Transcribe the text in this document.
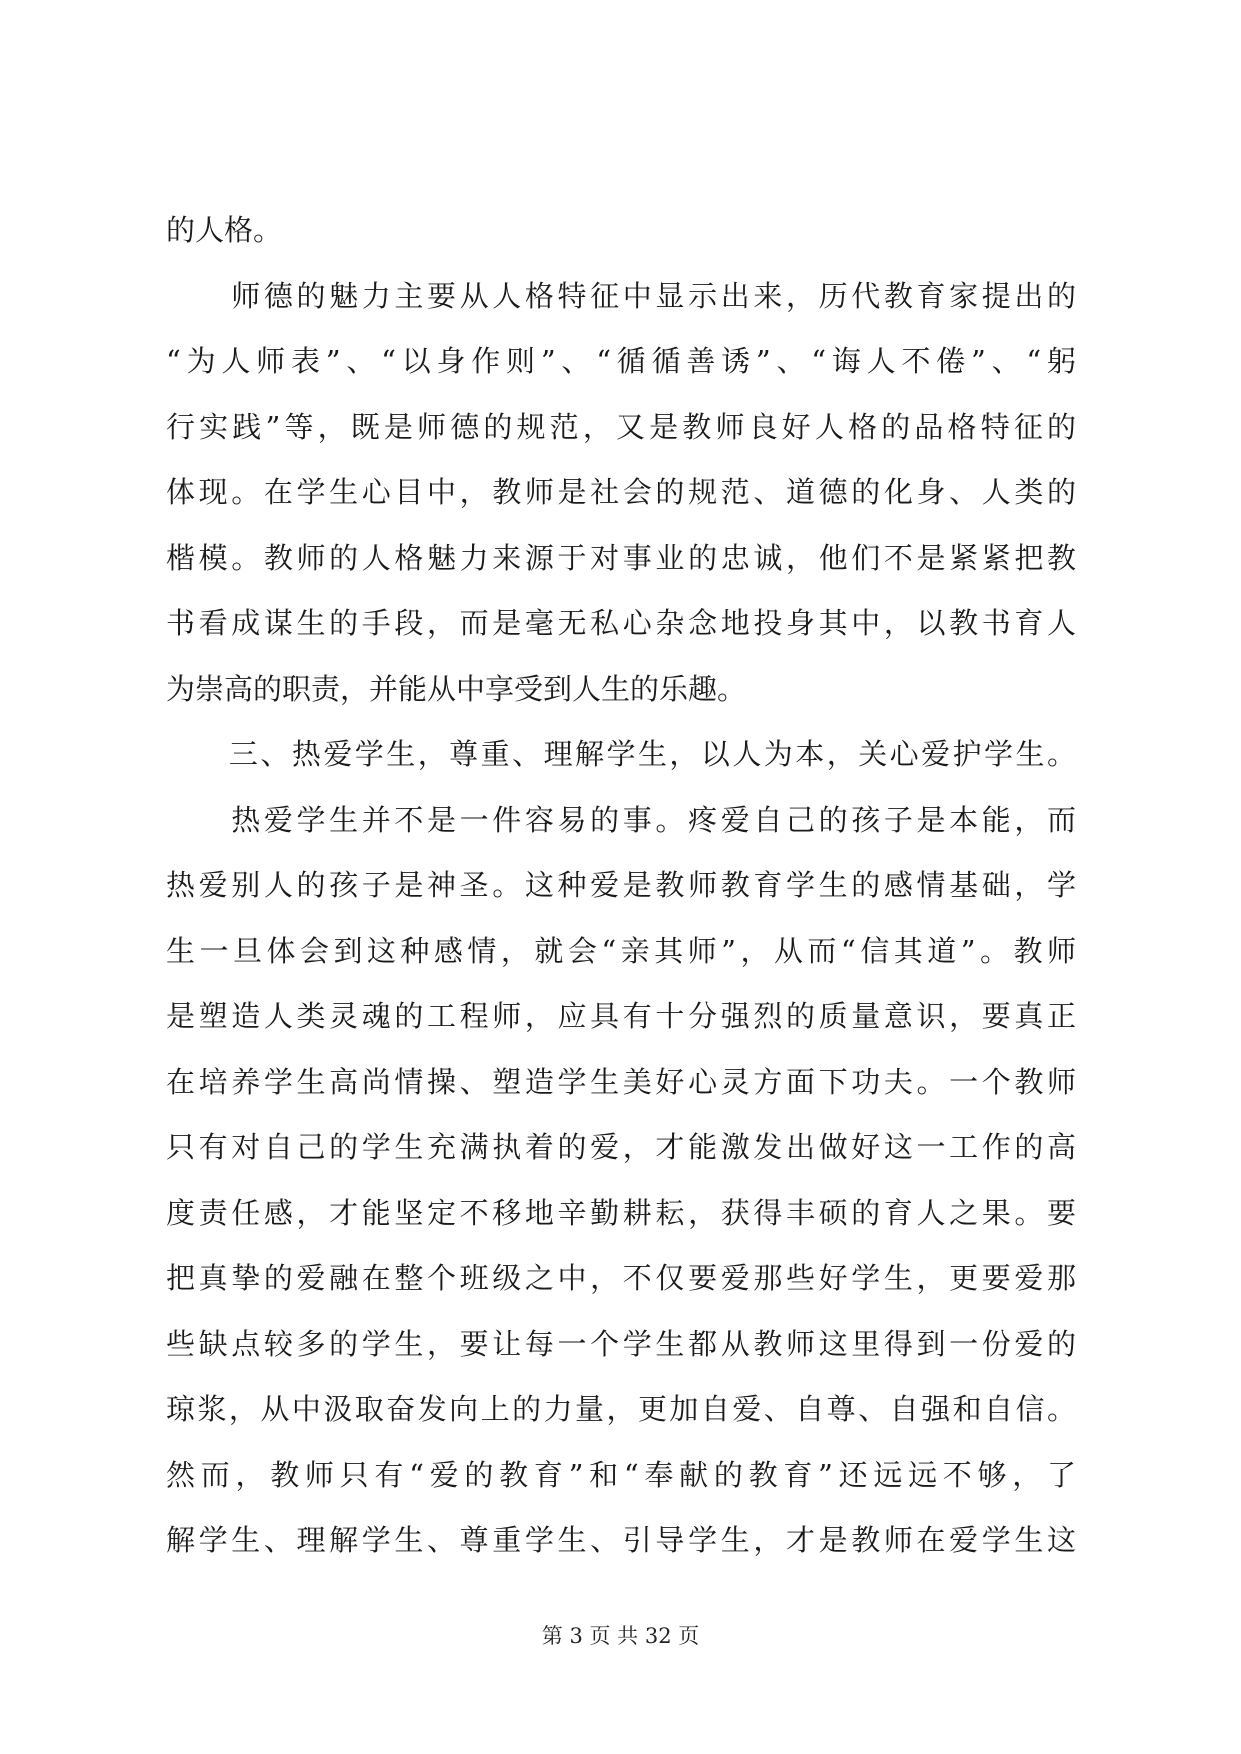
的人格。
　　师德的魅力主要从人格特征中显示出来，历代教育家提出的
“为人师表”、“以身作则”、“循循善诱”、“诲人不倦”、“躬
行实践”等，既是师德的规范，又是教师良好人格的品格特征的
体现。在学生心目中，教师是社会的规范、道德的化身、人类的
楷模。教师的人格魅力来源于对事业的忠诚，他们不是紧紧把教
书看成谋生的手段，而是毫无私心杂念地投身其中，以教书育人
为崇高的职责，并能从中享受到人生的乐趣。
　　三、热爱学生，尊重、理解学生，以人为本，关心爱护学生。
　　热爱学生并不是一件容易的事。疼爱自己的孩子是本能，而
热爱别人的孩子是神圣。这种爱是教师教育学生的感情基础，学
生一旦体会到这种感情，就会“亲其师”，从而“信其道”。教师
是塑造人类灵魂的工程师，应具有十分强烈的质量意识，要真正
在培养学生高尚情操、塑造学生美好心灵方面下功夫。一个教师
只有对自己的学生充满执着的爱，才能激发出做好这一工作的高
度责任感，才能坚定不移地辛勤耕耘，获得丰硕的育人之果。要
把真挚的爱融在整个班级之中，不仅要爱那些好学生，更要爱那
些缺点较多的学生，要让每一个学生都从教师这里得到一份爱的
琼浆，从中汲取奋发向上的力量，更加自爱、自尊、自强和自信。
然而，教师只有“爱的教育”和“奉献的教育”还远远不够，了
解学生、理解学生、尊重学生、引导学生，才是教师在爱学生这
第 3 页 共 32 页
